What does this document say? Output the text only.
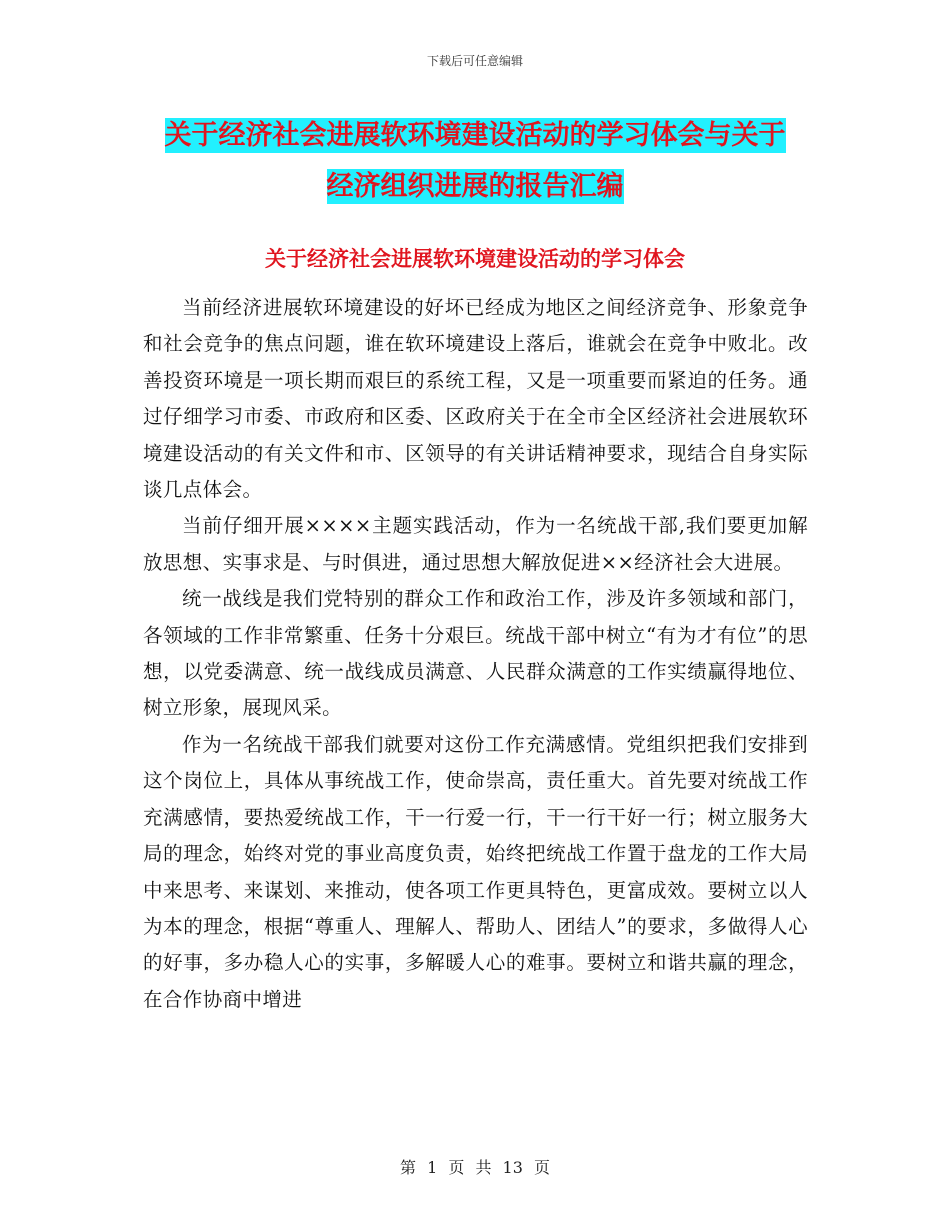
下载后可任意编辑
关于经济社会进展软环境建设活动的学习体会与关于
经济组织进展的报告汇编
关于经济社会进展软环境建设活动的学习体会

当前经济进展软环境建设的好坏已经成为地区之间经济竞争、形象竞争和社会竞争的焦点问题，谁在软环境建设上落后，谁就会在竞争中败北。改善投资环境是一项长期而艰巨的系统工程，又是一项重要而紧迫的任务。通过仔细学习市委、市政府和区委、区政府关于在全市全区经济社会进展软环境建设活动的有关文件和市、区领导的有关讲话精神要求，现结合自身实际谈几点体会。

当前仔细开展××××主题实践活动，作为一名统战干部,我们要更加解放思想、实事求是、与时俱进，通过思想大解放促进××经济社会大进展。

统一战线是我们党特别的群众工作和政治工作，涉及许多领域和部门，各领域的工作非常繁重、任务十分艰巨。统战干部中树立“有为才有位”的思想，以党委满意、统一战线成员满意、人民群众满意的工作实绩赢得地位、树立形象，展现风采。

作为一名统战干部我们就要对这份工作充满感情。党组织把我们安排到这个岗位上，具体从事统战工作，使命崇高，责任重大。首先要对统战工作充满感情，要热爱统战工作，干一行爱一行，干一行干好一行；树立服务大局的理念，始终对党的事业高度负责，始终把统战工作置于盘龙的工作大局中来思考、来谋划、来推动，使各项工作更具特色，更富成效。要树立以人为本的理念，根据“尊重人、理解人、帮助人、团结人”的要求，多做得人心的好事，多办稳人心的实事，多解暖人心的难事。要树立和谐共赢的理念，在合作协商中增进

第 1 页 共 13 页
